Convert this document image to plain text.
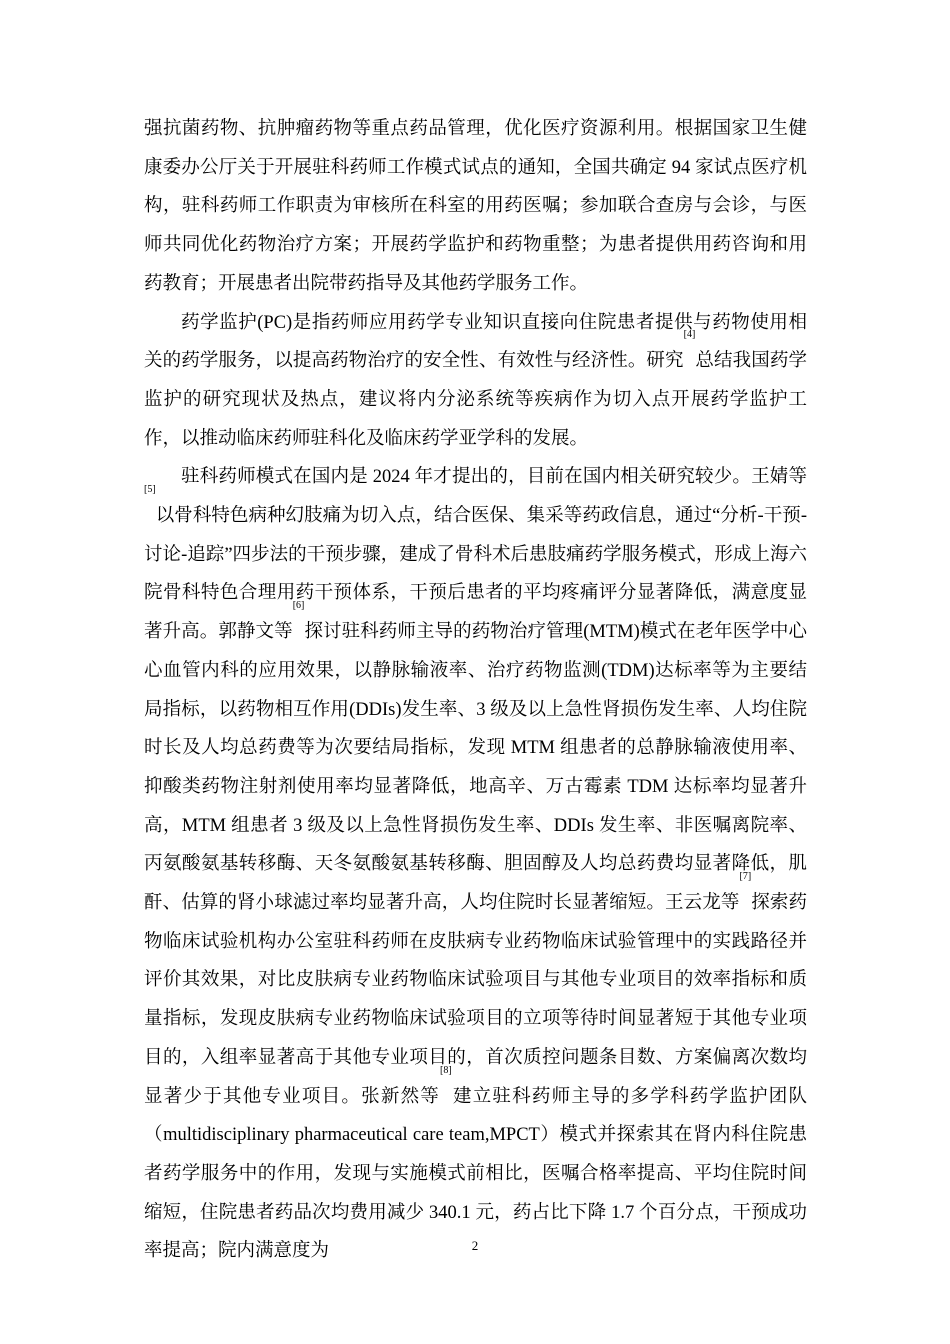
强抗菌药物、抗肿瘤药物等重点药品管理，优化医疗资源利用。根据国家卫生健康委办公厅关于开展驻科药师工作模式试点的通知，全国共确定 94 家试点医疗机构，驻科药师工作职责为审核所在科室的用药医嘱；参加联合查房与会诊，与医师共同优化药物治疗方案；开展药学监护和药物重整；为患者提供用药咨询和用药教育；开展患者出院带药指导及其他药学服务工作。

药学监护(PC)是指药师应用药学专业知识直接向住院患者提供与药物使用相关的药学服务，以提高药物治疗的安全性、有效性与经济性。研究[4]总结我国药学监护的研究现状及热点，建议将内分泌系统等疾病作为切入点开展药学监护工作，以推动临床药师驻科化及临床药学亚学科的发展。

驻科药师模式在国内是 2024 年才提出的，目前在国内相关研究较少。王婧等[5]以骨科特色病种幻肢痛为切入点，结合医保、集采等药政信息，通过“分析-干预-讨论-追踪”四步法的干预步骤，建成了骨科术后患肢痛药学服务模式，形成上海六院骨科特色合理用药干预体系，干预后患者的平均疼痛评分显著降低，满意度显著升高。郭静文等[6]探讨驻科药师主导的药物治疗管理(MTM)模式在老年医学中心心血管内科的应用效果，以静脉输液率、治疗药物监测(TDM)达标率等为主要结局指标，以药物相互作用(DDIs)发生率、3 级及以上急性肾损伤发生率、人均住院时长及人均总药费等为次要结局指标，发现 MTM 组患者的总静脉输液使用率、抑酸类药物注射剂使用率均显著降低，地高辛、万古霉素 TDM 达标率均显著升高，MTM 组患者 3 级及以上急性肾损伤发生率、DDIs 发生率、非医嘱离院率、丙氨酸氨基转移酶、天冬氨酸氨基转移酶、胆固醇及人均总药费均显著降低，肌酐、估算的肾小球滤过率均显著升高，人均住院时长显著缩短。王云龙等[7]探索药物临床试验机构办公室驻科药师在皮肤病专业药物临床试验管理中的实践路径并评价其效果，对比皮肤病专业药物临床试验项目与其他专业项目的效率指标和质量指标，发现皮肤病专业药物临床试验项目的立项等待时间显著短于其他专业项目的，入组率显著高于其他专业项目的，首次质控问题条目数、方案偏离次数均显著少于其他专业项目。张新然等[8]建立驻科药师主导的多学科药学监护团队（multidisciplinary pharmaceutical care team,MPCT）模式并探索其在肾内科住院患者药学服务中的作用，发现与实施模式前相比，医嘱合格率提高、平均住院时间缩短，住院患者药品次均费用减少 340.1 元，药占比下降 1.7 个百分点，干预成功率提高；院内满意度为	2
